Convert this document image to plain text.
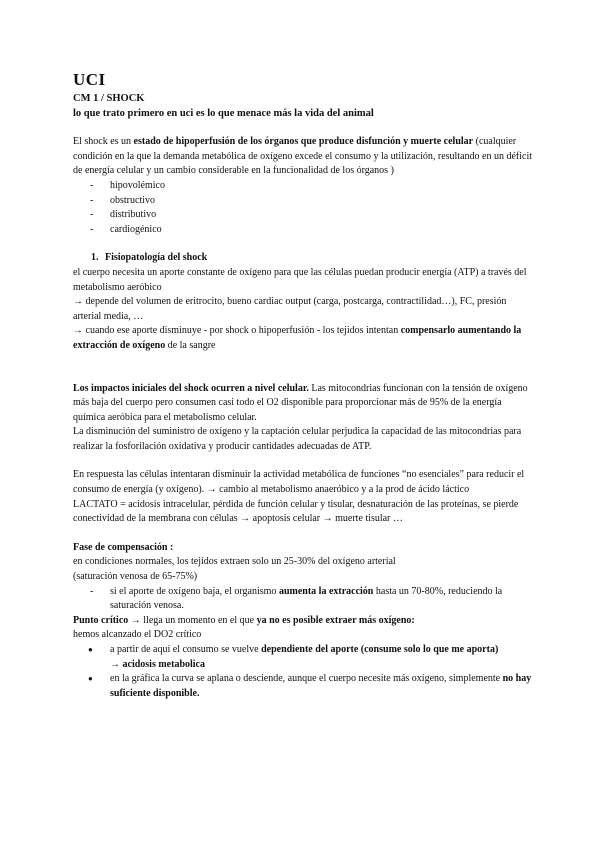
UCI
CM 1 / SHOCK
lo que trato primero en uci es lo que menace más la vida del animal

El shock es un estado de hipoperfusión de los órganos que produce disfunción y muerte celular (cualquier condición en la que la demanda metabólica de oxígeno excede el consumo y la utilización, resultando en un déficit de energía celular y un cambio considerable en la funcionalidad de los órganos )

- hipovolémico
- obstructivo
- distributivo
- cardiogénico
1. Fisiopatología del shock

el cuerpo necesita un aporte constante de oxígeno para que las células puedan producir energía (ATP) a través del metabolismo aeróbico

→ depende del volumen de eritrocito, bueno cardiac output (carga, postcarga, contractilidad…), FC, presión arterial media, …

→ cuando ese aporte disminuye - por shock o hipoperfusión - los tejidos intentan compensarlo aumentando la extracción de oxígeno de la sangre

Los impactos iniciales del shock ocurren a nivel celular. Las mitocondrias funcionan con la tensión de oxígeno más baja del cuerpo pero consumen casi todo el O2 disponible para proporcionar más de 95% de la energía química aeróbica para el metabolismo celular.

La disminución del suministro de oxígeno y la captación celular perjudica la capacidad de las mitocondrias para realizar la fosforilación oxidativa y producir cantidades adecuadas de ATP.

En respuesta las células intentaran disminuir la actividad metabólica de funciones “no esenciales” para reducir el consumo de energía (y oxígeno). → cambio al metabolismo anaeróbico y a la prod de ácido láctico

LACTATO = acidosis intracelular, pérdida de función celular y tisular, desnaturación de las proteínas, se pierde conectividad de la membrana con células → apoptosis celular → muerte tisular …

Fase de compensación :

en condiciones normales, los tejidos extraen solo un 25-30% del oxígeno arterial

(saturación venosa de 65-75%)

- si el aporte de oxígeno baja, el organismo aumenta la extracción hasta un 70-80%, reduciendo la saturación venosa.

Punto crítico → llega un momento en el que ya no es posible extraer más oxígeno:

hemos alcanzado el DO2 crítico

● a partir de aquí el consumo se vuelve dependiente del aporte (consume solo lo que me aporta)
→ acidosis metabolica
● en la gráfica la curva se aplana o desciende, aunque el cuerpo necesite más oxígeno, simplemente no hay suficiente disponible.
